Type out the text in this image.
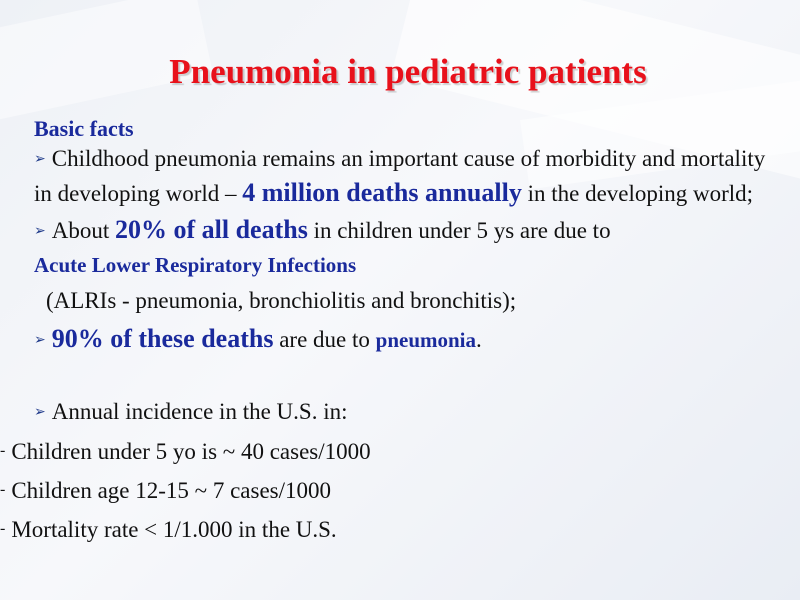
Pneumonia in pediatric patients
Basic facts

➢ Childhood pneumonia remains an important cause of morbidity and mortality in developing world – 4 million deaths annually in the developing world;

➢ About 20% of all deaths in children under 5 ys are due to
Acute Lower Respiratory Infections

(ALRIs - pneumonia, bronchiolitis and bronchitis);

➢ 90% of these deaths are due to pneumonia.

➢ Annual incidence in the U.S. in:

- Children under 5 yo is ~ 40 cases/1000

- Children age 12-15 ~ 7 cases/1000

- Mortality rate < 1/1.000 in the U.S.
